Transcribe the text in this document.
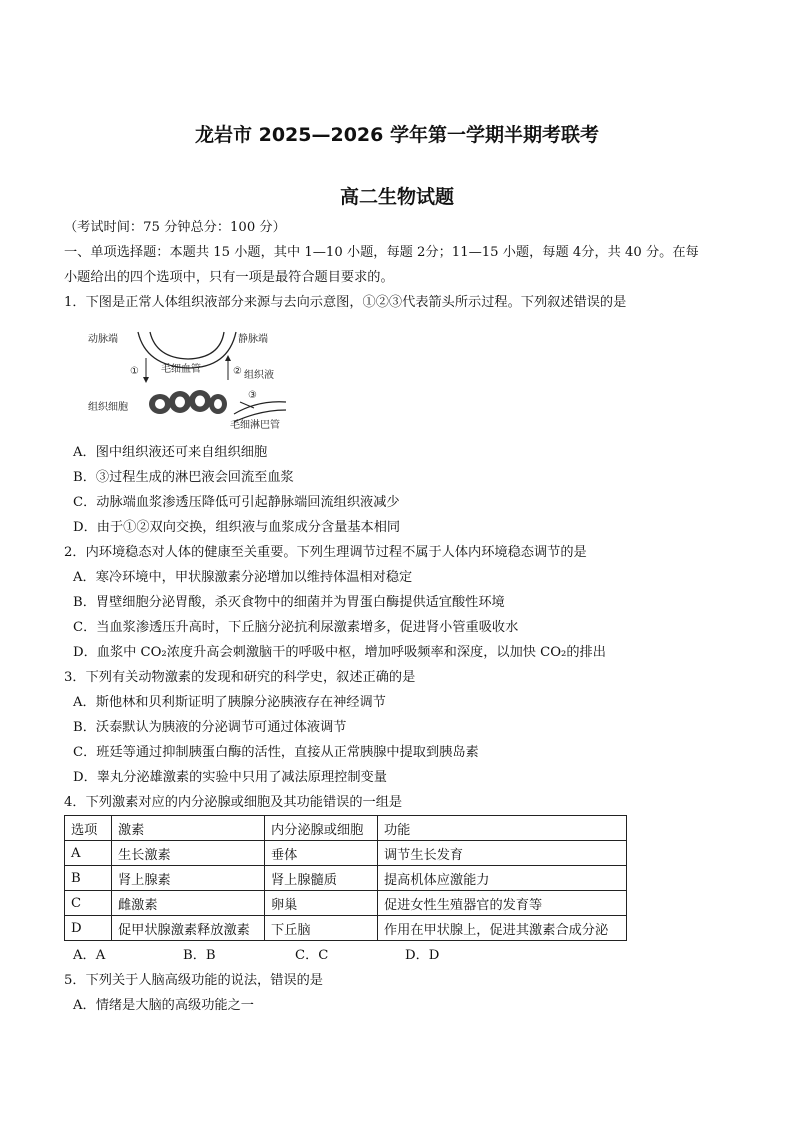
龙岩市 2025—2026 学年第一学期半期考联考
高二生物试题
（考试时间：75 分钟总分：100 分）
一、单项选择题：本题共 15 小题，其中 1—10 小题，每题 2分；11—15 小题，每题 4分，共 40 分。在每
小题给出的四个选项中，只有一项是最符合题目要求的。
1．下图是正常人体组织液部分来源与去向示意图，①②③代表箭头所示过程。下列叙述错误的是
动脉端	静脉端
毛细血管
组织液
组织细胞
毛细淋巴管
①	②
③
A．图中组织液还可来自组织细胞
B．③过程生成的淋巴液会回流至血浆
C．动脉端血浆渗透压降低可引起静脉端回流组织液减少
D．由于①②双向交换，组织液与血浆成分含量基本相同
2．内环境稳态对人体的健康至关重要。下列生理调节过程不属于人体内环境稳态调节的是
A．寒冷环境中，甲状腺激素分泌增加以维持体温相对稳定
B．胃壁细胞分泌胃酸，杀灭食物中的细菌并为胃蛋白酶提供适宜酸性环境
C．当血浆渗透压升高时，下丘脑分泌抗利尿激素增多，促进肾小管重吸收水
D．血浆中 CO₂浓度升高会刺激脑干的呼吸中枢，增加呼吸频率和深度，以加快 CO₂的排出
3．下列有关动物激素的发现和研究的科学史，叙述正确的是
A．斯他林和贝利斯证明了胰腺分泌胰液存在神经调节
B．沃泰默认为胰液的分泌调节可通过体液调节
C．班廷等通过抑制胰蛋白酶的活性，直接从正常胰腺中提取到胰岛素
D．睾丸分泌雄激素的实验中只用了减法原理控制变量
4．下列激素对应的内分泌腺或细胞及其功能错误的一组是
选项	激素	内分泌腺或细胞	功能
A	生长激素	垂体	调节生长发育
B	肾上腺素	肾上腺髓质	提高机体应激能力
C	雌激素	卵巢	促进女性生殖器官的发育等
D	促甲状腺激素释放激素	下丘脑	作用在甲状腺上，促进其激素合成分泌
A．A	B．B	C．C	D．D
5．下列关于人脑高级功能的说法，错误的是
A．情绪是大脑的高级功能之一
